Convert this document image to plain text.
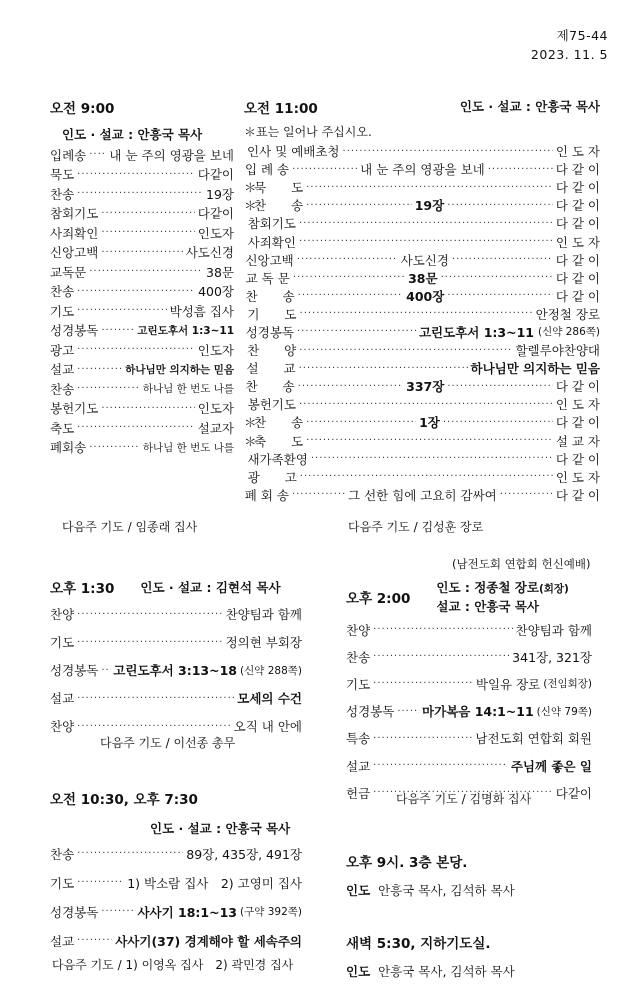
제75-44
2023. 11. 5
오전 9:00
인도 · 설교 : 안흥국 목사
입례송 ····· 내 눈 주의 영광을 보네
묵도 ·····	다같이
찬송 ·····	19장
참회기도 ·····	다같이
사죄확인 ·····	인도자
신앙고백 ·····	사도신경
교독문 ·····	38문
찬송 ·····	400장
기도 ·····	박성흠 집사
성경봉독 ·····	고린도후서 1:3~11
광고 ·····	인도자
설교 ·····	하나님만 의지하는 믿음
찬송 ·····	하나님 한 번도 나를
봉헌기도 ·····	인도자
축도 ·····	설교자
폐회송 ·····	하나님 한 번도 나를
다음주 기도 / 임종래 집사
오전 11:00	인도 · 설교 : 안흥국 목사
＊표는 일어나 주십시오.
인사 및 예배초청 ·····	인 도 자
입 례 송 ·····	내 눈 주의 영광을 보네 ·····	다 같 이
＊
묵　　도 ·····	다 같 이
＊
찬　　송 ·····	19장 ·····	다 같 이
참회기도 ·····	다 같 이
사죄확인 ·····	인 도 자
신앙고백 ·····	사도신경 ·····	다 같 이
교 독 문 ·····	38문 ·····	다 같 이
찬　　송 ·····	400장 ·····	다 같 이
기　　도 ·····	안정철 장로
성경봉독 ·····	고린도후서 1:3~11 (신약 286쪽)
찬　　양 ·····	할렐루야찬양대
설　　교 ·····	하나님만 의지하는 믿음
찬　　송 ·····	337장 ·····	다 같 이
봉헌기도 ·····	인 도 자
＊
찬　　송 ·····	1장 ·····	다 같 이
＊
축　　도 ·····	설 교 자
새가족환영 ·····	다 같 이
광　　고 ·····	인 도 자
폐 회 송 ·····	그 선한 힘에 고요히 감싸여 ·····	다 같 이
다음주 기도 / 김성훈 장로
오후 1:30 인도 · 설교 : 김현석 목사
찬양 ·····	찬양팀과 함께
기도 ·····	정의현 부회장
성경봉독 ····· 고린도후서 3:13~18 (신약 288쪽)
설교 ·····	모세의 수건
찬양 ·····	오직 내 안에
다음주 기도 / 이선종 총무
(남전도회 연합회 헌신예배)
오후 2:00
인도 : 정종철 장로(회장)
설교 : 안흥국 목사
찬양 ·····	찬양팀과 함께
찬송 ·····	341장, 321장
기도 ·····	박일유 장로 (전임회장)
성경봉독 ····· 마가복음 14:1~11 (신약 79쪽)
특송 ·····	남전도회 연합회 회원
설교 ·····	주님께 좋은 일
헌금 ·····	다같이
다음주 기도 / 김명화 집사
오전 10:30, 오후 7:30
인도 · 설교 : 안흥국 목사
찬송 ·····	89장, 435장, 491장
기도 ·····	1) 박소람 집사　2) 고영미 집사
성경봉독 ·····	사사기 18:1~13 (구약 392쪽)
설교 ·····	사사기(37) 경계해야 할 세속주의
다음주 기도 / 1) 이영옥 집사　2) 곽민경 집사
오후 9시. 3층 본당.
인도 안흥국 목사, 김석하 목사
새벽 5:30, 지하기도실.
인도 안흥국 목사, 김석하 목사
